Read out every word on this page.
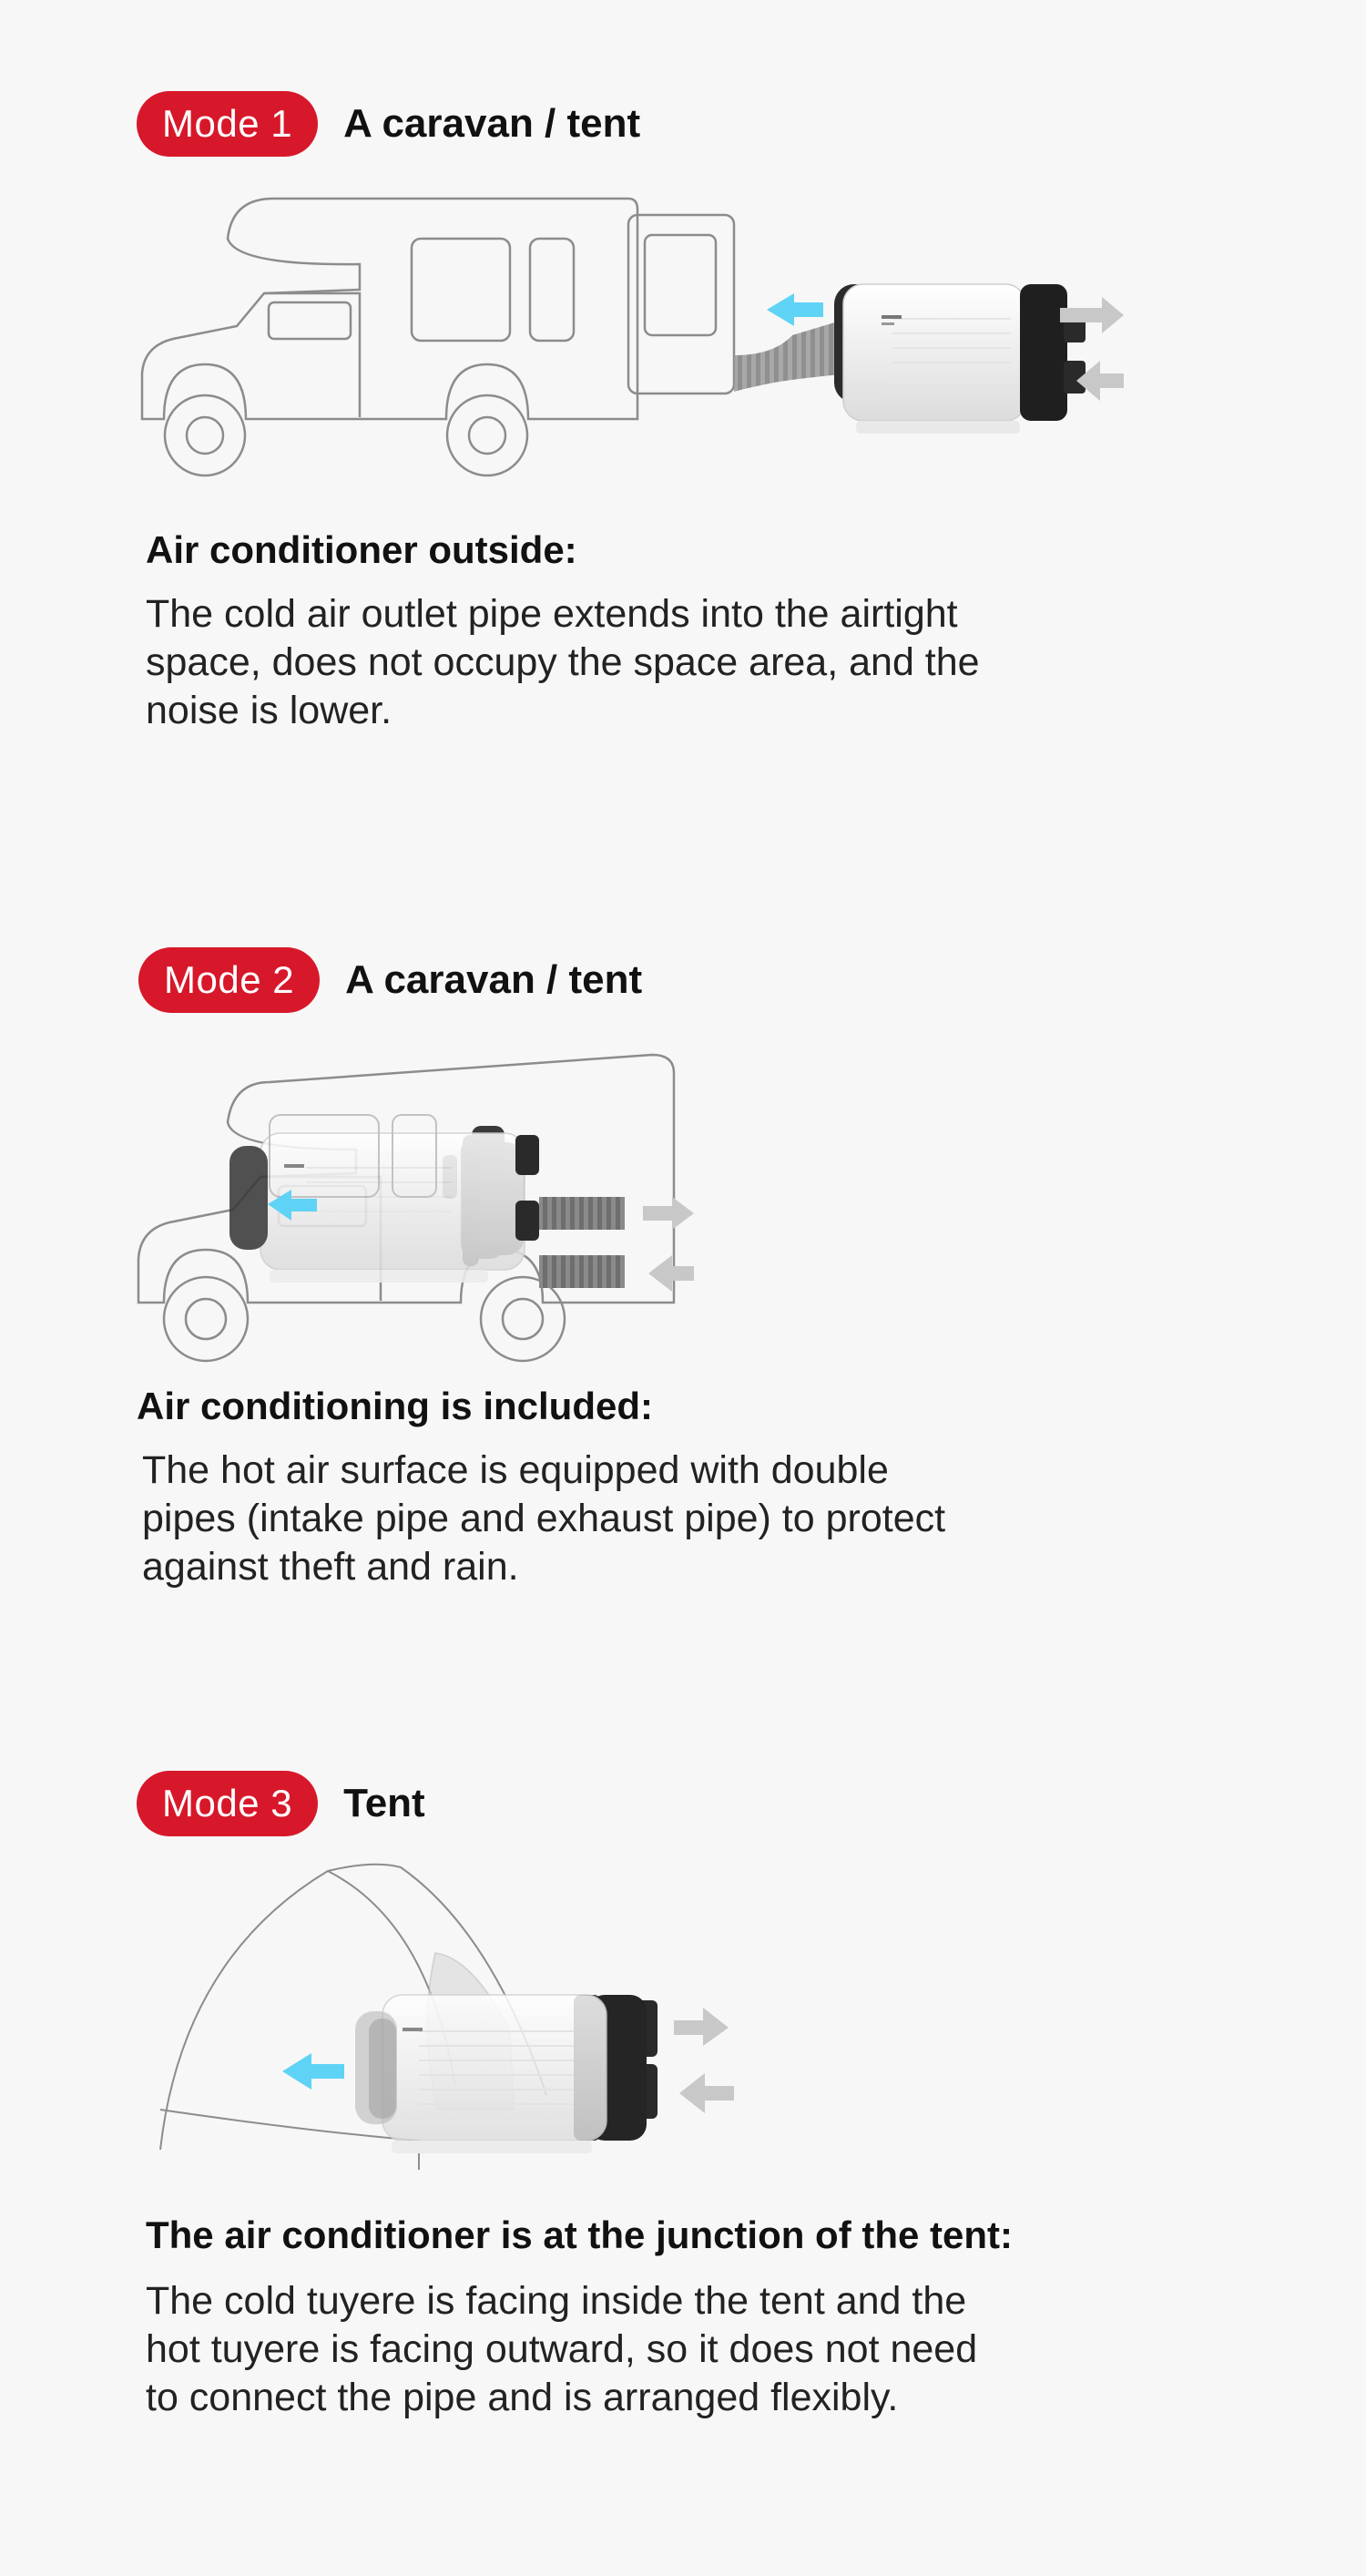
Mode 1	A caravan / tent
Air conditioner outside:
The cold air outlet pipe extends into the airtight
space, does not occupy the space area, and the
noise is lower.
Mode 2	A caravan / tent
Air conditioning is included:
The hot air surface is equipped with double
pipes (intake pipe and exhaust pipe) to protect
against theft and rain.
Mode 3	Tent
The air conditioner is at the junction of the tent:
The cold tuyere is facing inside the tent and the
hot tuyere is facing outward, so it does not need
to connect the pipe and is arranged flexibly.
